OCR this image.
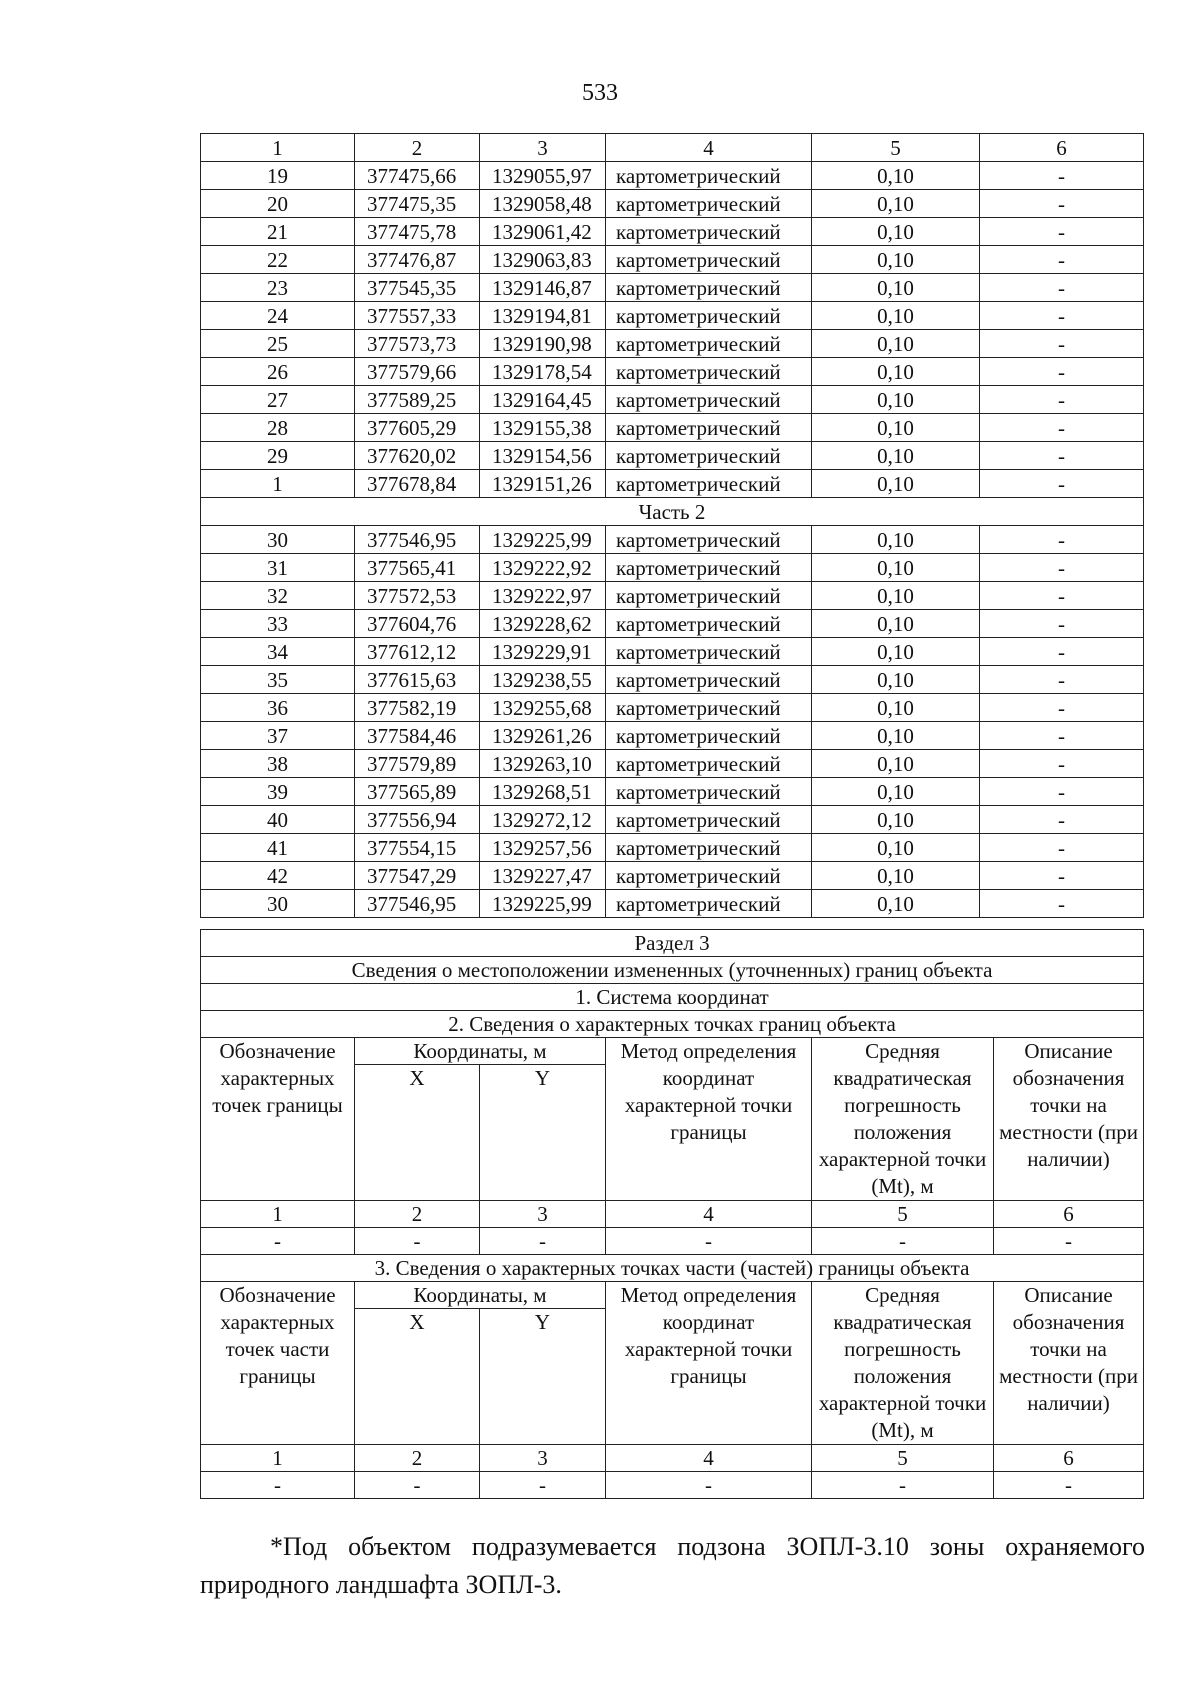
533
1	2	3	4	5	6
19	377475,66	1329055,97	картометрический	0,10	-
20	377475,35	1329058,48	картометрический	0,10	-
21	377475,78	1329061,42	картометрический	0,10	-
22	377476,87	1329063,83	картометрический	0,10	-
23	377545,35	1329146,87	картометрический	0,10	-
24	377557,33	1329194,81	картометрический	0,10	-
25	377573,73	1329190,98	картометрический	0,10	-
26	377579,66	1329178,54	картометрический	0,10	-
27	377589,25	1329164,45	картометрический	0,10	-
28	377605,29	1329155,38	картометрический	0,10	-
29	377620,02	1329154,56	картометрический	0,10	-
1	377678,84	1329151,26	картометрический	0,10	-
Часть 2					
30	377546,95	1329225,99	картометрический	0,10	-
31	377565,41	1329222,92	картометрический	0,10	-
32	377572,53	1329222,97	картометрический	0,10	-
33	377604,76	1329228,62	картометрический	0,10	-
34	377612,12	1329229,91	картометрический	0,10	-
35	377615,63	1329238,55	картометрический	0,10	-
36	377582,19	1329255,68	картометрический	0,10	-
37	377584,46	1329261,26	картометрический	0,10	-
38	377579,89	1329263,10	картометрический	0,10	-
39	377565,89	1329268,51	картометрический	0,10	-
40	377556,94	1329272,12	картометрический	0,10	-
41	377554,15	1329257,56	картометрический	0,10	-
42	377547,29	1329227,47	картометрический	0,10	-
30	377546,95	1329225,99	картометрический	0,10	-
Раздел 3					
Сведения о местоположении измененных (уточненных) границ объекта					
1. Система координат					
2. Сведения о характерных точках границ объекта					
Обозначение характерных точек границы	Координаты, м		Метод определения координат характерной точки границы	Средняя квадратическая погрешность положения характерной точки (Mt), м	Описание обозначения точки на местности (при наличии)
	X	Y			
1	2	3	4	5	6
-	-	-	-	-	-
3. Сведения о характерных точках части (частей) границы объекта					
Обозначение характерных точек части границы	Координаты, м		Метод определения координат характерной точки границы	Средняя квадратическая погрешность положения характерной точки (Mt), м	Описание обозначения точки на местности (при наличии)
	X	Y			
1	2	3	4	5	6
-	-	-	-	-	-
*Под объектом подразумевается подзона ЗОПЛ-3.10 зоны охраняемого природного ландшафта ЗОПЛ-3.
